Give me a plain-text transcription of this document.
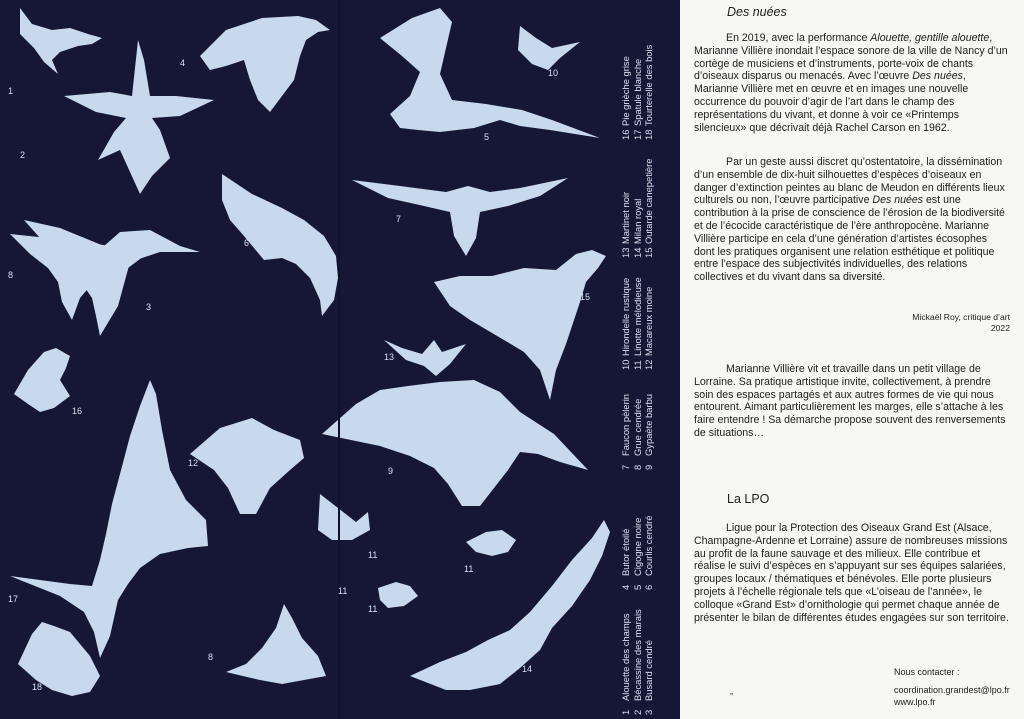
1
2
3
4
5
6
7
8
8
9
10
11
11
11
11
12
13
14
15
16
17
18
1
Alouette des champs
2
Bécassine des marais
3
Busard cendré
4
Butor étoilé
5
Cigogne noire
6
Courlis cendré
7
Faucon pèlerin
8
Grue cendrée
9
Gypaète barbu
10
Hirondelle rustique
11
Linotte mélodieuse
12
Macareux moine
13
Martinet noir
14
Milan royal
15
Outarde canepetière
16
Pie grièche grise
17
Spatule blanche
18
Tourterelle des bois
Des nuées

En 2019, avec la performance Alouette, gentille alouette, Marianne Villière inondait l’espace sonore de la ville de Nancy d’un cortège de musiciens et d’instruments, porte-voix de chants d’oiseaux disparus ou menacés. Avec l’œuvre Des nuées, Marianne Villière met en œuvre et en images une nouvelle occurrence du pouvoir d’agir de l’art dans le champ des représentations du vivant, et donne à voir ce «Printemps silencieux» que décrivait déjà Rachel Carson en 1962.

Par un geste aussi discret qu’ostentatoire, la dissémination d’un ensemble de dix-huit silhouettes d’espèces d’oiseaux en danger d’extinction peintes au blanc de Meudon en différents lieux culturels ou non, l’œuvre participative Des nuées est une contribution à la prise de conscience de l’érosion de la biodiversité et de l’écocide caractéristique de l’ère anthropocène. Marianne Villière participe en cela d’une génération d’artistes écosophes dont les pratiques organisent une relation esthétique et politique entre l’espace des subjectivités individuelles, des relations collectives et du vivant dans sa diversité.

Mickaël Roy, critique d’art
2022

Marianne Villière vit et travaille dans un petit village de Lorraine. Sa pratique artistique invite, collectivement, à prendre soin des espaces partagés et aux autres formes de vie qui nous entourent. Aimant particulièrement les marges, elle s’attache à les faire entendre ! Sa démarche propose souvent des renversements de situations…

La LPO

Ligue pour la Protection des Oiseaux Grand Est (Alsace, Champagne-Ardenne et Lorraine) assure de nombreuses missions au profit de la faune sauvage et des milieux. Elle contribue et réalise le suivi d’espèces en s’appuyant sur ses équipes salariées, groupes locaux / thématiques et bénévoles. Elle porte plusieurs projets à l’échelle régionale tels que «L’oiseau de l’année», le colloque «Grand Est» d’ornithologie qui permet chaque année de présenter le bilan de différentes études engagées sur son territoire.

Nous contacter :
coordination.grandest@lpo.fr
www.lpo.fr
„
